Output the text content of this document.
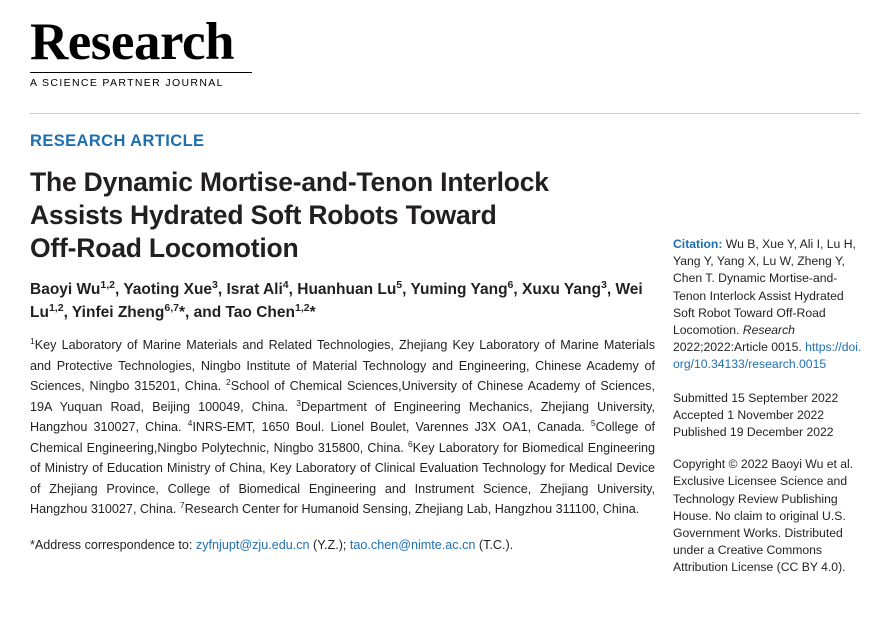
Research
A SCIENCE PARTNER JOURNAL
RESEARCH ARTICLE
The Dynamic Mortise-and-Tenon Interlock
Assists Hydrated Soft Robots Toward
Off-Road Locomotion
Baoyi Wu$^{1,2}$, Yaoting Xue$^3$, Israt Ali$^4$, Huanhuan Lu$^5$, Yuming Yang$^6$, Xuxu Yang$^3$, Wei Lu$^{1,2}$, Yinfei Zheng$^{6,7}$*, and Tao Chen$^{1,2}$*
$^1$Key Laboratory of Marine Materials and Related Technologies, Zhejiang Key Laboratory of Marine Materials and Protective Technologies, Ningbo Institute of Material Technology and Engineering, Chinese Academy of Sciences, Ningbo 315201, China. $^2$School of Chemical Sciences,University of Chinese Academy of Sciences, 19A Yuquan Road, Beijing 100049, China. $^3$Department of Engineering Mechanics, Zhejiang University, Hangzhou 310027, China. $^4$INRS-EMT, 1650 Boul. Lionel Boulet, Varennes J3X OA1, Canada. $^5$College of Chemical Engineering,Ningbo Polytechnic, Ningbo 315800, China. $^6$Key Laboratory for Biomedical Engineering of Ministry of Education Ministry of China, Key Laboratory of Clinical Evaluation Technology for Medical Device of Zhejiang Province, College of Biomedical Engineering and Instrument Science, Zhejiang University, Hangzhou 310027, China. $^7$Research Center for Humanoid Sensing, Zhejiang Lab, Hangzhou 311100, China.
*Address correspondence to: zyfnjupt@zju.edu.cn (Y.Z.); tao.chen@nimte.ac.cn (T.C.).
Citation: Wu B, Xue Y, Ali I, Lu H, Yang Y, Yang X, Lu W, Zheng Y, Chen T. Dynamic Mortise-and-Tenon Interlock Assist Hydrated Soft Robot Toward Off-Road Locomotion. Research 2022;2022:Article 0015. https://doi.org/10.34133/research.0015
Submitted 15 September 2022
Accepted 1 November 2022
Published 19 December 2022
Copyright © 2022 Baoyi Wu et al. Exclusive Licensee Science and Technology Review Publishing House. No claim to original U.S. Government Works. Distributed under a Creative Commons Attribution License (CC BY 4.0).
